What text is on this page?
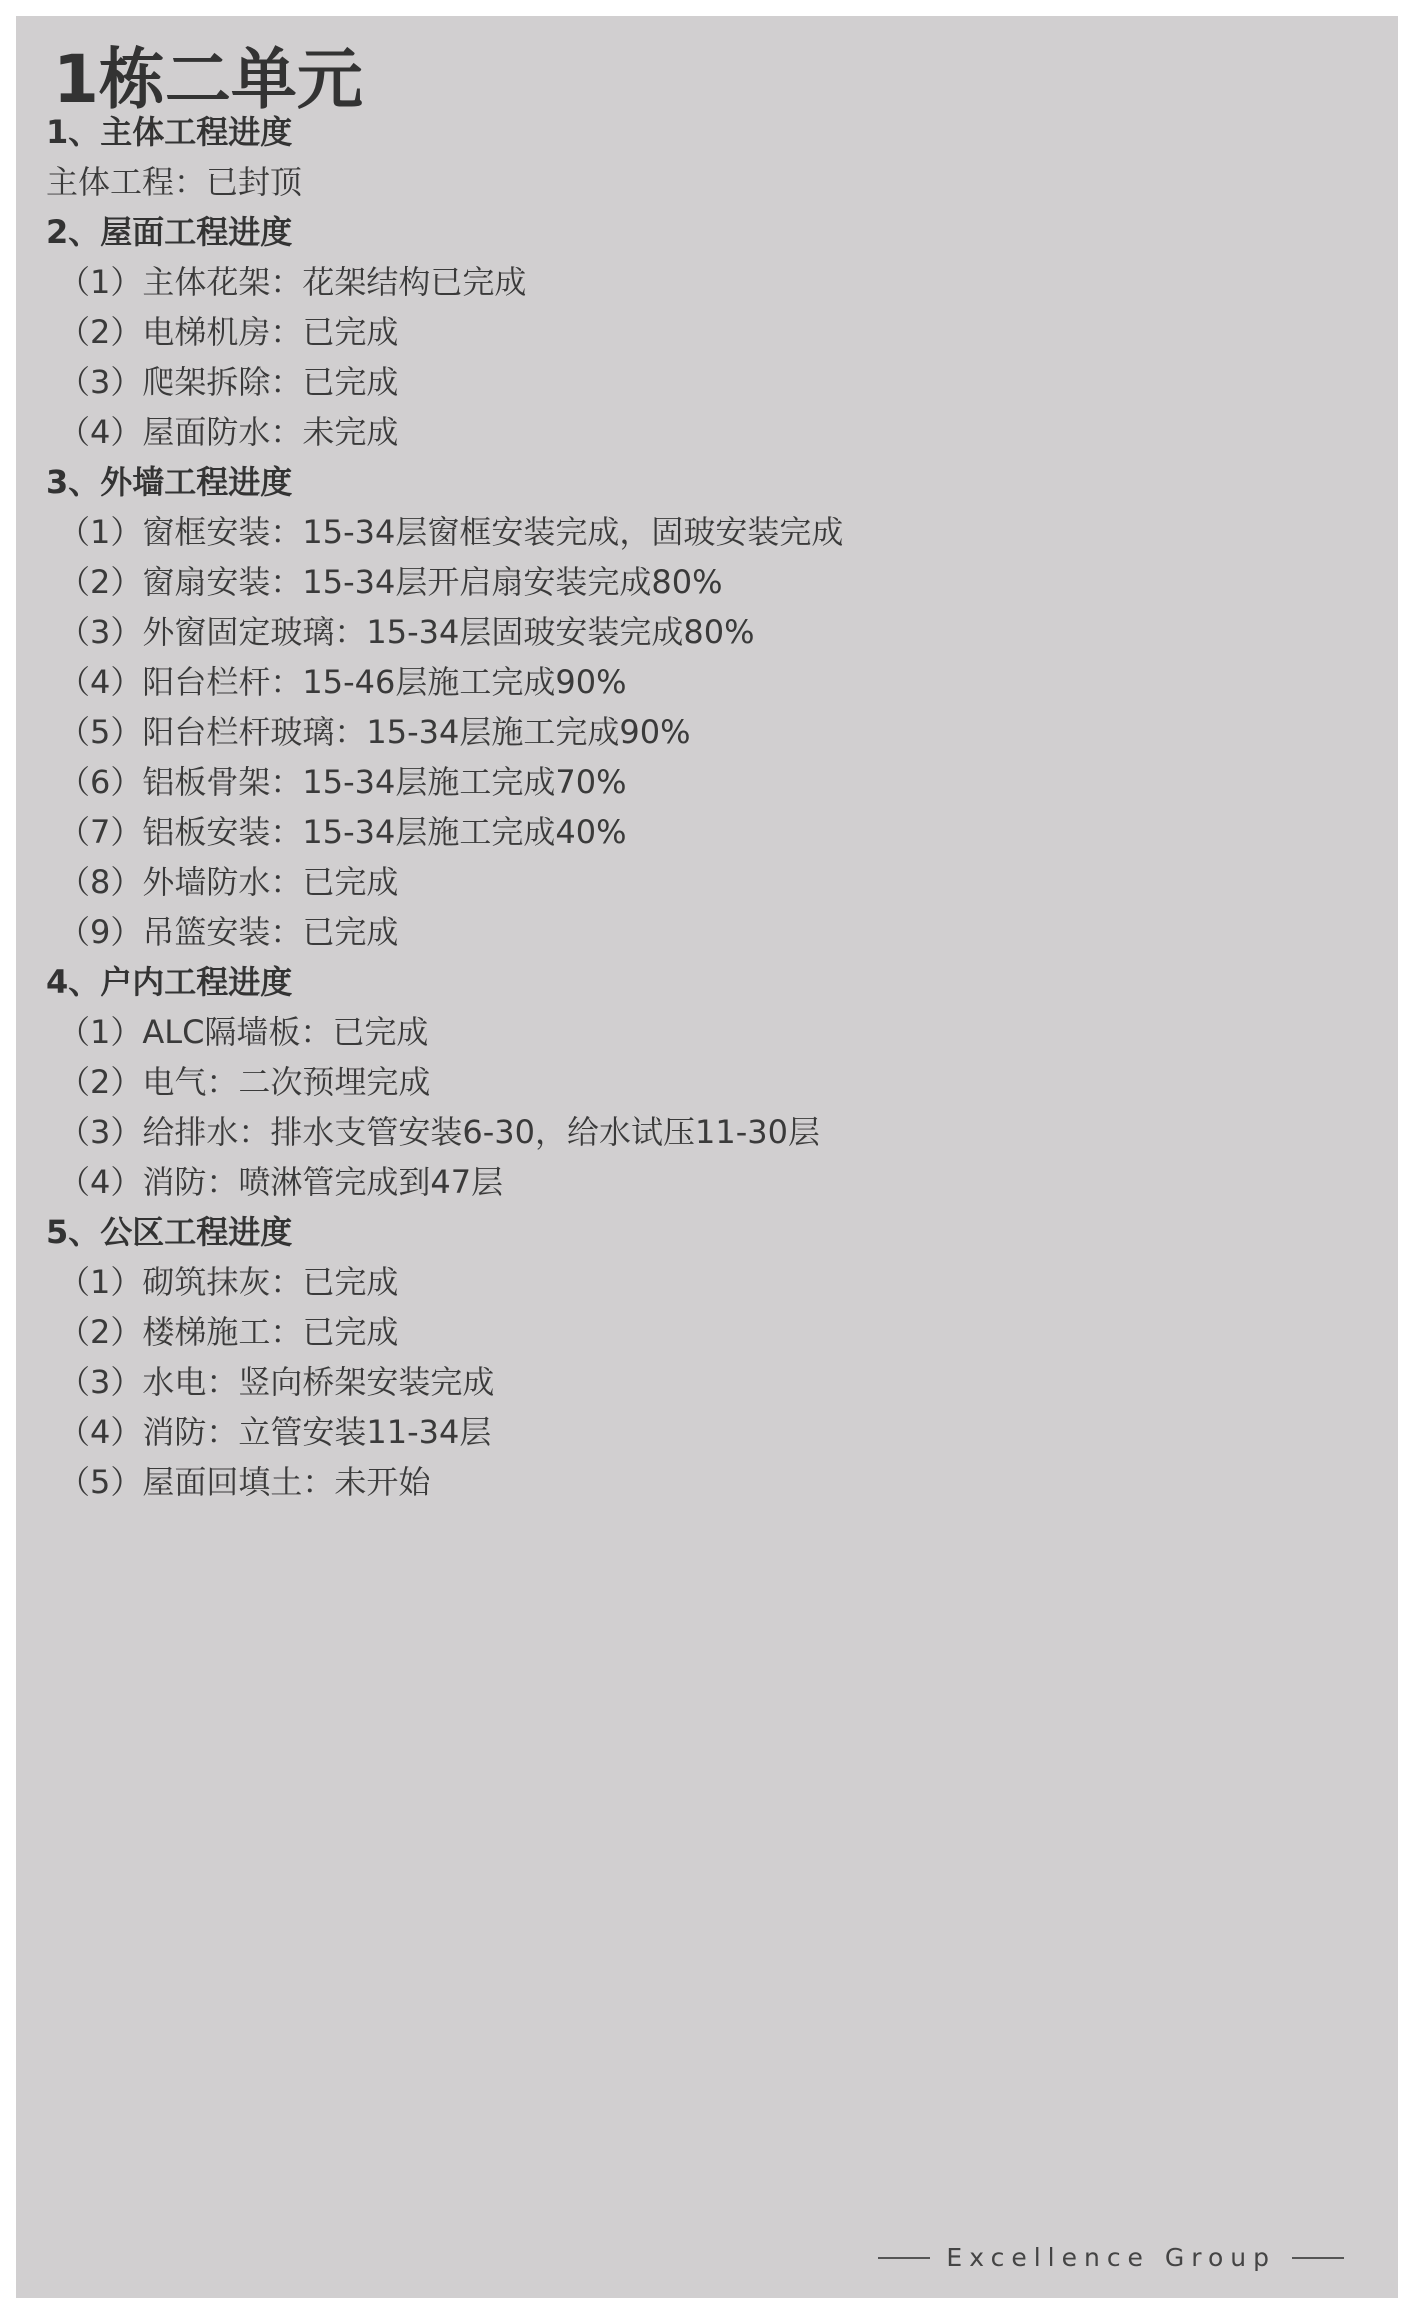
1栋二单元
1、主体工程进度
主体工程：已封顶
2、屋面工程进度
（1）主体花架：花架结构已完成
（2）电梯机房：已完成
（3）爬架拆除：已完成
（4）屋面防水：未完成
3、外墙工程进度
（1）窗框安装：15-34层窗框安装完成，固玻安装完成
（2）窗扇安装：15-34层开启扇安装完成80%
（3）外窗固定玻璃：15-34层固玻安装完成80%
（4）阳台栏杆：15-46层施工完成90%
（5）阳台栏杆玻璃：15-34层施工完成90%
（6）铝板骨架：15-34层施工完成70%
（7）铝板安装：15-34层施工完成40%
（8）外墙防水：已完成
（9）吊篮安装：已完成
4、户内工程进度
（1）ALC隔墙板：已完成
（2）电气：二次预埋完成
（3）给排水：排水支管安装6-30，给水试压11-30层
（4）消防：喷淋管完成到47层
5、公区工程进度
（1）砌筑抹灰：已完成
（2）楼梯施工：已完成
（3）水电：竖向桥架安装完成
（4）消防：立管安装11-34层
（5）屋面回填土：未开始
Excellence Group
